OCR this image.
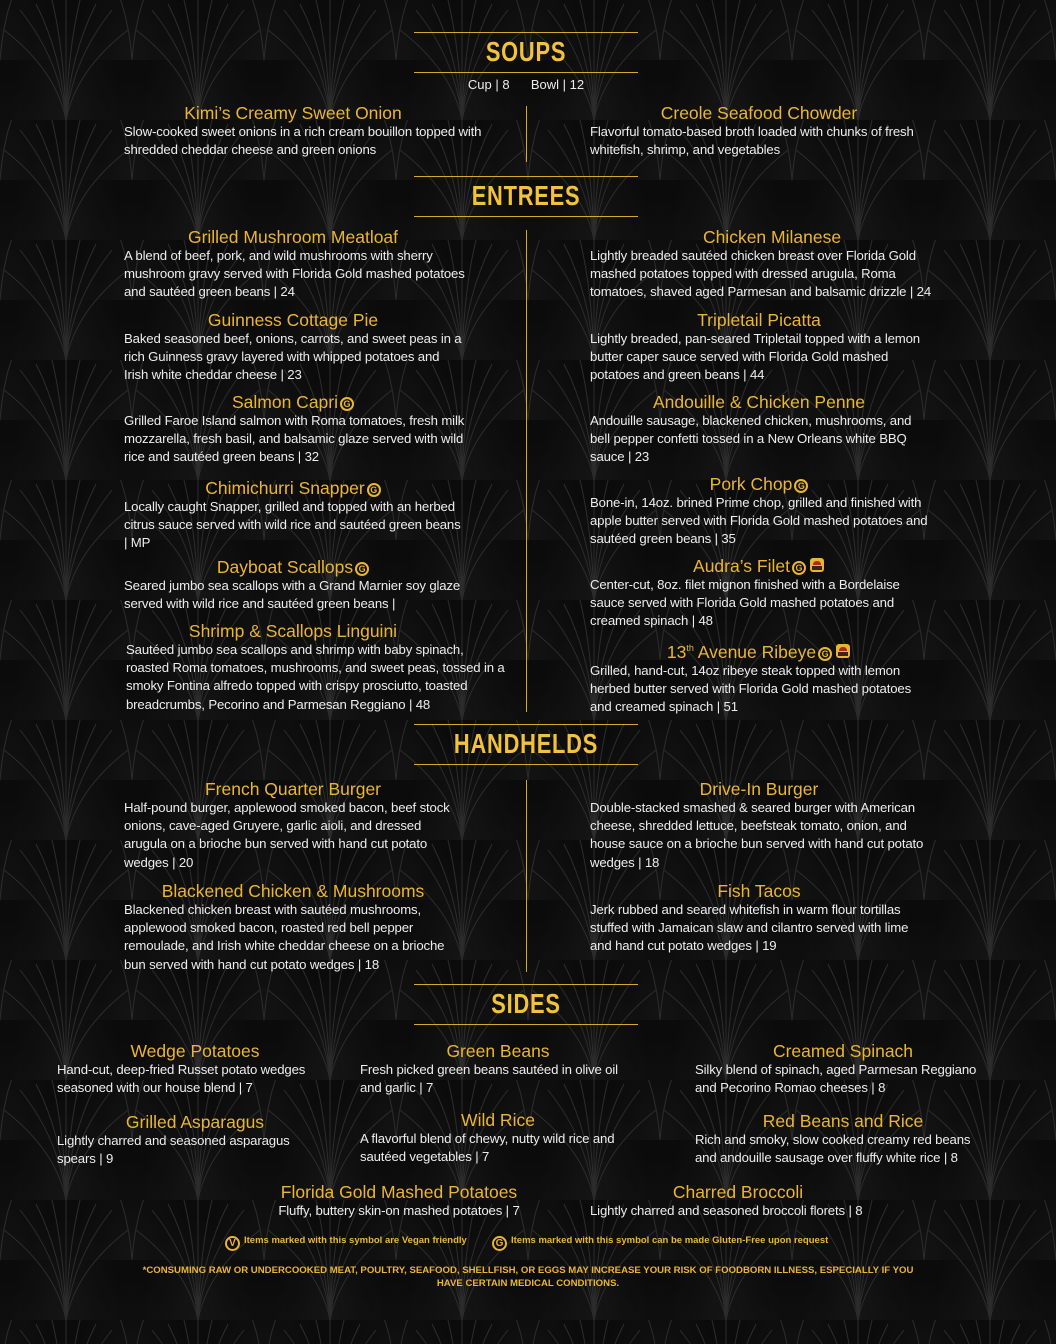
SOUPS
Cup | 8 Bowl | 12
Kimi’s Creamy Sweet Onion
Slow-cooked sweet onions in a rich cream bouillon topped with shredded cheddar cheese and green onions
Creole Seafood Chowder
Flavorful tomato-based broth loaded with chunks of fresh whitefish, shrimp, and vegetables
ENTREES
Grilled Mushroom Meatloaf
A blend of beef, pork, and wild mushrooms with sherry mushroom gravy served with Florida Gold mashed potatoes and sautéed green beans | 24
Guinness Cottage Pie
Baked seasoned beef, onions, carrots, and sweet peas in a rich Guinness gravy layered with whipped potatoes and Irish white cheddar cheese | 23
Salmon Capri G
Grilled Faroe Island salmon with Roma tomatoes, fresh milk mozzarella, fresh basil, and balsamic glaze served with wild rice and sautéed green beans | 32
Chimichurri Snapper G
Locally caught Snapper, grilled and topped with an herbed citrus sauce served with wild rice and sautéed green beans | MP
Dayboat Scallops G
Seared jumbo sea scallops with a Grand Marnier soy glaze served with wild rice and sautéed green beans |
Shrimp & Scallops Linguini
Sautéed jumbo sea scallops and shrimp with baby spinach, roasted Roma tomatoes, mushrooms, and sweet peas, tossed in a smoky Fontina alfredo topped with crispy prosciutto, toasted breadcrumbs, Pecorino and Parmesan Reggiano | 48
Chicken Milanese
Lightly breaded sautéed chicken breast over Florida Gold mashed potatoes topped with dressed arugula, Roma tomatoes, shaved aged Parmesan and balsamic drizzle | 24
Tripletail Picatta
Lightly breaded, pan-seared Tripletail topped with a lemon butter caper sauce served with Florida Gold mashed potatoes and green beans | 44
Andouille & Chicken Penne
Andouille sausage, blackened chicken, mushrooms, and bell pepper confetti tossed in a New Orleans white BBQ sauce | 23
Pork Chop G
Bone-in, 14oz. brined Prime chop, grilled and finished with apple butter served with Florida Gold mashed potatoes and sautéed green beans | 35
Audra’s Filet G
Center-cut, 8oz. filet mignon finished with a Bordelaise sauce served with Florida Gold mashed potatoes and creamed spinach | 48
13th Avenue Ribeye G
Grilled, hand-cut, 14oz ribeye steak topped with lemon herbed butter served with Florida Gold mashed potatoes and creamed spinach | 51
HANDHELDS
French Quarter Burger
Half-pound burger, applewood smoked bacon, beef stock onions, cave-aged Gruyere, garlic aioli, and dressed arugula on a brioche bun served with hand cut potato wedges | 20
Blackened Chicken & Mushrooms
Blackened chicken breast with sautéed mushrooms, applewood smoked bacon, roasted red bell pepper remoulade, and Irish white cheddar cheese on a brioche bun served with hand cut potato wedges | 18
Drive-In Burger
Double-stacked smashed & seared burger with American cheese, shredded lettuce, beefsteak tomato, onion, and house sauce on a brioche bun served with hand cut potato wedges | 18
Fish Tacos
Jerk rubbed and seared whitefish in warm flour tortillas stuffed with Jamaican slaw and cilantro served with lime and hand cut potato wedges | 19
SIDES
Wedge Potatoes
Hand-cut, deep-fried Russet potato wedges seasoned with our house blend | 7
Green Beans
Fresh picked green beans sautéed in olive oil and garlic | 7
Creamed Spinach
Silky blend of spinach, aged Parmesan Reggiano and Pecorino Romao cheeses | 8
Grilled Asparagus
Lightly charred and seasoned asparagus spears | 9
Wild Rice
A flavorful blend of chewy, nutty wild rice and sautéed vegetables | 7
Red Beans and Rice
Rich and smoky, slow cooked creamy red beans and andouille sausage over fluffy white rice | 8
Florida Gold Mashed Potatoes
Fluffy, buttery skin-on mashed potatoes | 7
Charred Broccoli
Lightly charred and seasoned broccoli florets | 8
V Items marked with this symbol are Vegan friendly	G Items marked with this symbol can be made Gluten-Free upon request
*CONSUMING RAW OR UNDERCOOKED MEAT, POULTRY, SEAFOOD, SHELLFISH, OR EGGS MAY INCREASE YOUR RISK OF FOODBORN ILLNESS, ESPECIALLY IF YOU HAVE CERTAIN MEDICAL CONDITIONS.
